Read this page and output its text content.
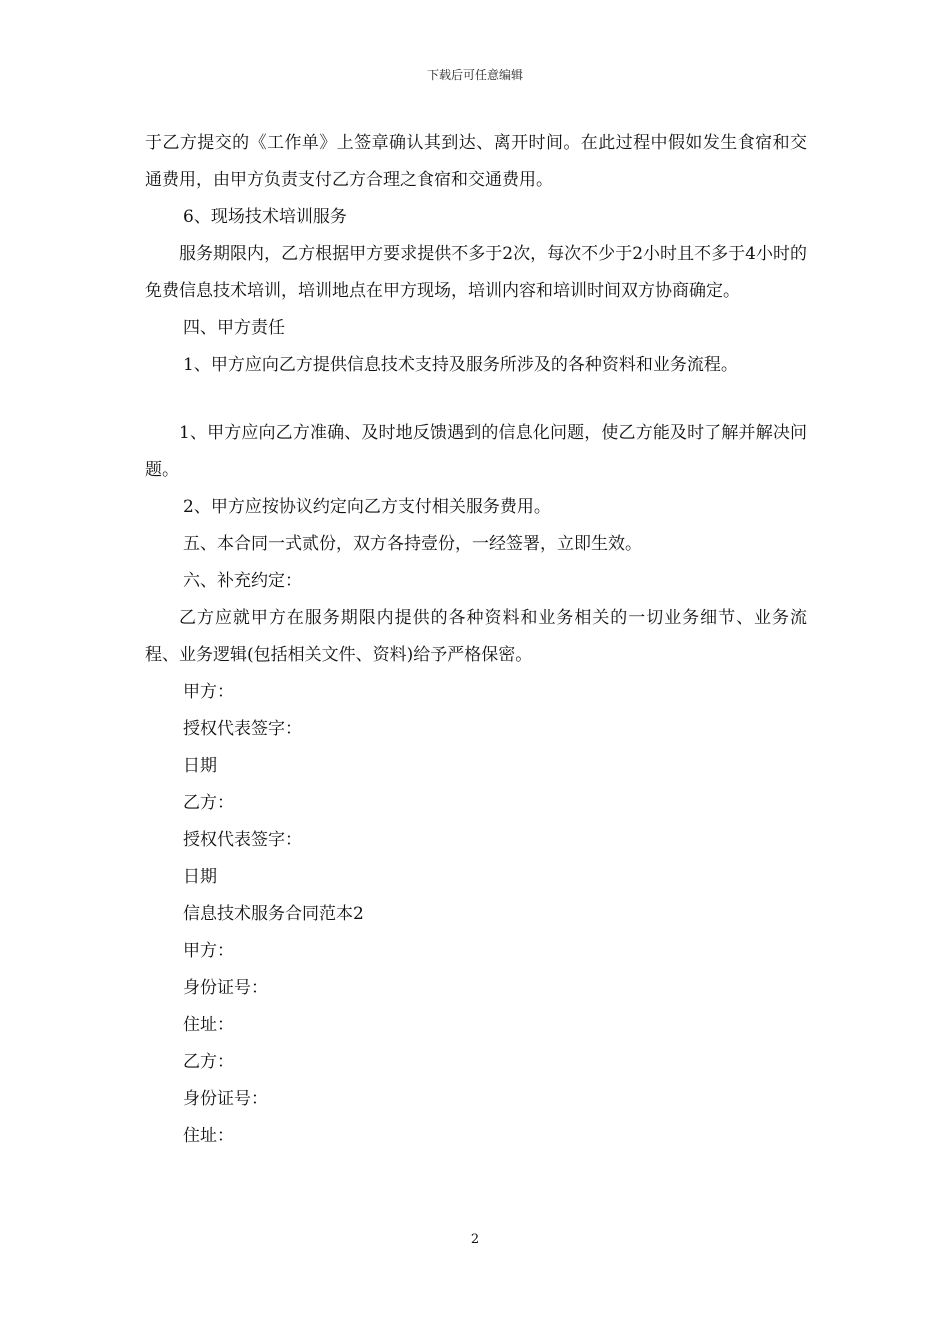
下载后可任意编辑

于乙方提交的《工作单》上签章确认其到达、离开时间。在此过程中假如发生食宿和交通费用，由甲方负责支付乙方合理之食宿和交通费用。

6、现场技术培训服务

服务期限内，乙方根据甲方要求提供不多于2次，每次不少于2小时且不多于4小时的免费信息技术培训，培训地点在甲方现场，培训内容和培训时间双方协商确定。

四、甲方责任

1、甲方应向乙方提供信息技术支持及服务所涉及的各种资料和业务流程。

1、甲方应向乙方准确、及时地反馈遇到的信息化问题，使乙方能及时了解并解决问题。

2、甲方应按协议约定向乙方支付相关服务费用。

五、本合同一式贰份，双方各持壹份，一经签署，立即生效。

六、补充约定：

乙方应就甲方在服务期限内提供的各种资料和业务相关的一切业务细节、业务流程、业务逻辑(包括相关文件、资料)给予严格保密。

甲方：

授权代表签字：

日期

乙方：

授权代表签字：

日期

信息技术服务合同范本2

甲方：

身份证号：

住址：

乙方：

身份证号：

住址：

2
